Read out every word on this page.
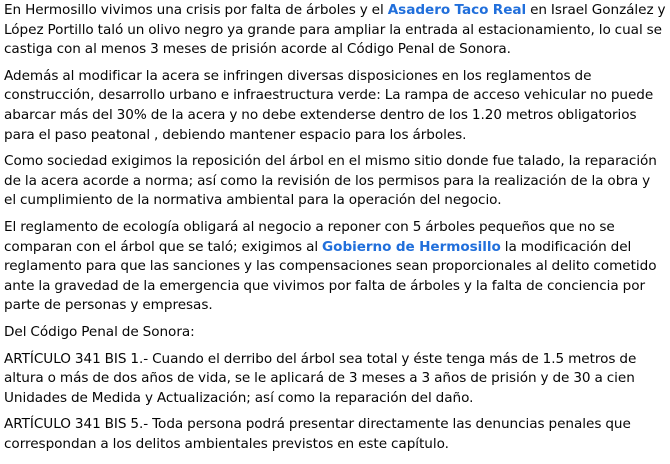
En Hermosillo vivimos una crisis por falta de árboles y el Asadero Taco Real en Israel González y López Portillo taló un olivo negro ya grande para ampliar la entrada al estacionamiento, lo cual se castiga con al menos 3 meses de prisión acorde al Código Penal de Sonora.

Además al modificar la acera se infringen diversas disposiciones en los reglamentos de construcción, desarrollo urbano e infraestructura verde: La rampa de acceso vehicular no puede abarcar más del 30% de la acera y no debe extenderse dentro de los 1.20 metros obligatorios para el paso peatonal , debiendo mantener espacio para los árboles.

Como sociedad exigimos la reposición del árbol en el mismo sitio donde fue talado, la reparación de la acera acorde a norma; así como la revisión de los permisos para la realización de la obra y el cumplimiento de la normativa ambiental para la operación del negocio.

El reglamento de ecología obligará al negocio a reponer con 5 árboles pequeños que no se comparan con el árbol que se taló; exigimos al Gobierno de Hermosillo la modificación del reglamento para que las sanciones y las compensaciones sean proporcionales al delito cometido ante la gravedad de la emergencia que vivimos por falta de árboles y la falta de conciencia por parte de personas y empresas.

Del Código Penal de Sonora:

ARTÍCULO 341 BIS 1.- Cuando el derribo del árbol sea total y éste tenga más de 1.5 metros de altura o más de dos años de vida, se le aplicará de 3 meses a 3 años de prisión y de 30 a cien Unidades de Medida y Actualización; así como la reparación del daño.

ARTÍCULO 341 BIS 5.- Toda persona podrá presentar directamente las denuncias penales que correspondan a los delitos ambientales previstos en este capítulo.
